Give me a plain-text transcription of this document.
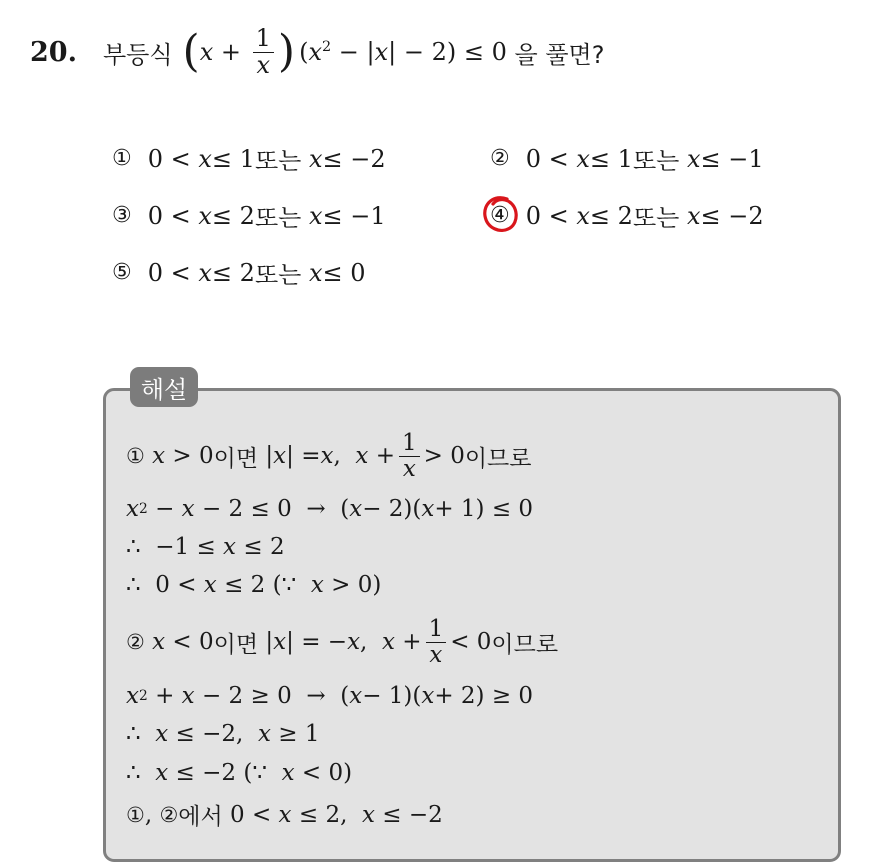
20. 부등식 ( $x + \frac{1}{x}$ ) $(x^2 - |x| - 2) \le 0$ 을 풀면?
① 0 < x ≤ 1 또는 x ≤ −2	② 0 < x ≤ 1 또는 x ≤ −1
③ 0 < x ≤ 2 또는 x ≤ −1	④ 0 < x ≤ 2 또는 x ≤ −2
⑤ 0 < x ≤ 2 또는 x ≤ 0
해설
①
x > 0 이면 | x | = x , $x + \frac{1}{x} > 0$ 이므로
x 2 − x − 2 ≤ 0  →  ( x − 2)( x + 1) ≤ 0
∴  −1 ≤ x ≤ 2
∴  0 < x ≤ 2 (∵ x > 0)
②
x < 0 이면 | x | = − x , $x + \frac{1}{x} < 0$ 이므로
x 2 + x − 2 ≥ 0  →  ( x − 1)( x + 2) ≥ 0
∴ x ≤ −2, x ≥ 1
∴ x ≤ −2 (∵ x < 0)
① , ② 에서 0 < x ≤ 2, x ≤ −2
